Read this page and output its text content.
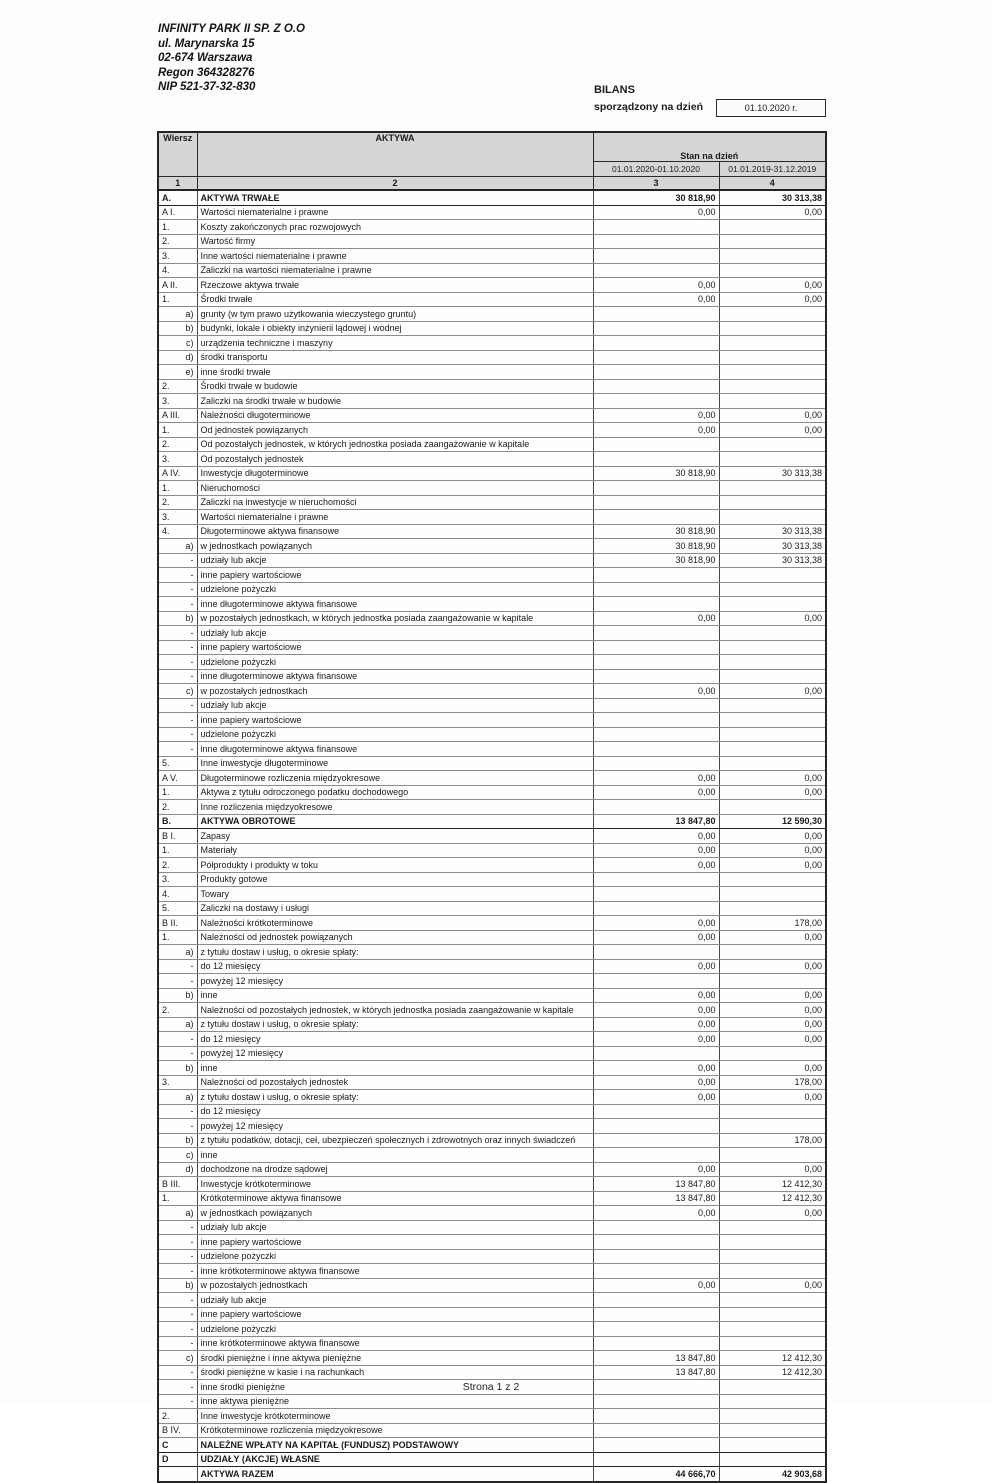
INFINITY PARK II SP. Z O.O
ul. Marynarska 15
02-674 Warszawa
Regon 364328276
NIP 521-37-32-830	BILANS
sporządzony na dzień	01.10.2020 r.
Wiersz	AKTYWA	Stan na dzień	
		01.01.2020-01.10.2020	01.01.2019-31.12.2019
1	2	3	4
A.	AKTYWA TRWAŁE	30 818,90	30 313,38
A I.	Wartości niematerialne i prawne	0,00	0,00
1.	Koszty zakończonych prac rozwojowych		
2.	Wartość firmy		
3.	Inne wartości niematerialne i prawne		
4.	Zaliczki na wartości niematerialne i prawne		
A II.	Rzeczowe aktywa trwałe	0,00	0,00
1.	Środki trwałe	0,00	0,00
a)	grunty (w tym prawo użytkowania wieczystego gruntu)		
b)	budynki, lokale i obiekty inżynierii lądowej i wodnej		
c)	urządzenia techniczne i maszyny		
d)	środki transportu		
e)	inne środki trwałe		
2.	Środki trwałe w budowie		
3.	Zaliczki na środki trwałe w budowie		
A III.	Należności długoterminowe	0,00	0,00
1.	Od jednostek powiązanych	0,00	0,00
2.	Od pozostałych jednostek, w których jednostka posiada zaangażowanie w kapitale		
3.	Od pozostałych jednostek		
A IV.	Inwestycje długoterminowe	30 818,90	30 313,38
1.	Nieruchomości		
2.	Zaliczki na inwestycje w nieruchomości		
3.	Wartości niematerialne i prawne		
4.	Długoterminowe aktywa finansowe	30 818,90	30 313,38
a)	w jednostkach powiązanych	30 818,90	30 313,38
-	udziały lub akcje	30 818,90	30 313,38
-	inne papiery wartościowe		
-	udzielone pożyczki		
-	inne długoterminowe aktywa finansowe		
b)	w pozostałych jednostkach, w których jednostka posiada zaangażowanie w kapitale	0,00	0,00
-	udziały lub akcje		
-	inne papiery wartościowe		
-	udzielone pożyczki		
-	inne długoterminowe aktywa finansowe		
c)	w pozostałych jednostkach	0,00	0,00
-	udziały lub akcje		
-	inne papiery wartościowe		
-	udzielone pożyczki		
-	inne długoterminowe aktywa finansowe		
5.	Inne inwestycje długoterminowe		
A V.	Długoterminowe rozliczenia międzyokresowe	0,00	0,00
1.	Aktywa z tytułu odroczonego podatku dochodowego	0,00	0,00
2.	Inne rozliczenia międzyokresowe		
B.	AKTYWA OBROTOWE	13 847,80	12 590,30
B I.	Zapasy	0,00	0,00
1.	Materiały	0,00	0,00
2.	Półprodukty i produkty w toku	0,00	0,00
3.	Produkty gotowe		
4.	Towary		
5.	Zaliczki na dostawy i usługi		
B II.	Należności krótkoterminowe	0,00	178,00
1.	Należności od jednostek powiązanych	0,00	0,00
a)	z tytułu dostaw i usług, o okresie spłaty:		
-	do 12 miesięcy	0,00	0,00
-	powyżej 12 miesięcy		
b)	inne	0,00	0,00
2.	Należności od pozostałych jednostek, w których jednostka posiada zaangażowanie w kapitale	0,00	0,00
a)	z tytułu dostaw i usług, o okresie spłaty:	0,00	0,00
-	do 12 miesięcy	0,00	0,00
-	powyżej 12 miesięcy		
b)	inne	0,00	0,00
3.	Należności od pozostałych jednostek	0,00	178,00
a)	z tytułu dostaw i usług, o okresie spłaty:	0,00	0,00
-	do 12 miesięcy		
-	powyżej 12 miesięcy		
b)	z tytułu podatków, dotacji, ceł, ubezpieczeń społecznych i zdrowotnych oraz innych świadczeń		178,00
c)	inne		
d)	dochodzone na drodze sądowej	0,00	0,00
B III.	Inwestycje krótkoterminowe	13 847,80	12 412,30
1.	Krótkoterminowe aktywa finansowe	13 847,80	12 412,30
a)	w jednostkach powiązanych	0,00	0,00
-	udziały lub akcje		
-	inne papiery wartościowe		
-	udzielone pożyczki		
-	inne krótkoterminowe aktywa finansowe		
b)	w pozostałych jednostkach	0,00	0,00
-	udziały lub akcje		
-	inne papiery wartościowe		
-	udzielone pożyczki		
-	inne krótkoterminowe aktywa finansowe		
c)	środki pieniężne i inne aktywa pieniężne	13 847,80	12 412,30
-	środki pieniężne w kasie i na rachunkach	13 847,80	12 412,30
-	inne środki pieniężne		
-	inne aktywa pieniężne		
2.	Inne inwestycje krótkoterminowe		
B IV.	Krótkoterminowe rozliczenia międzyokresowe		
C	NALEŻNE WPŁATY NA KAPITAŁ (FUNDUSZ) PODSTAWOWY		
D	UDZIAŁY (AKCJE) WŁASNE		
	AKTYWA RAZEM	44 666,70	42 903,68
Strona 1 z 2
